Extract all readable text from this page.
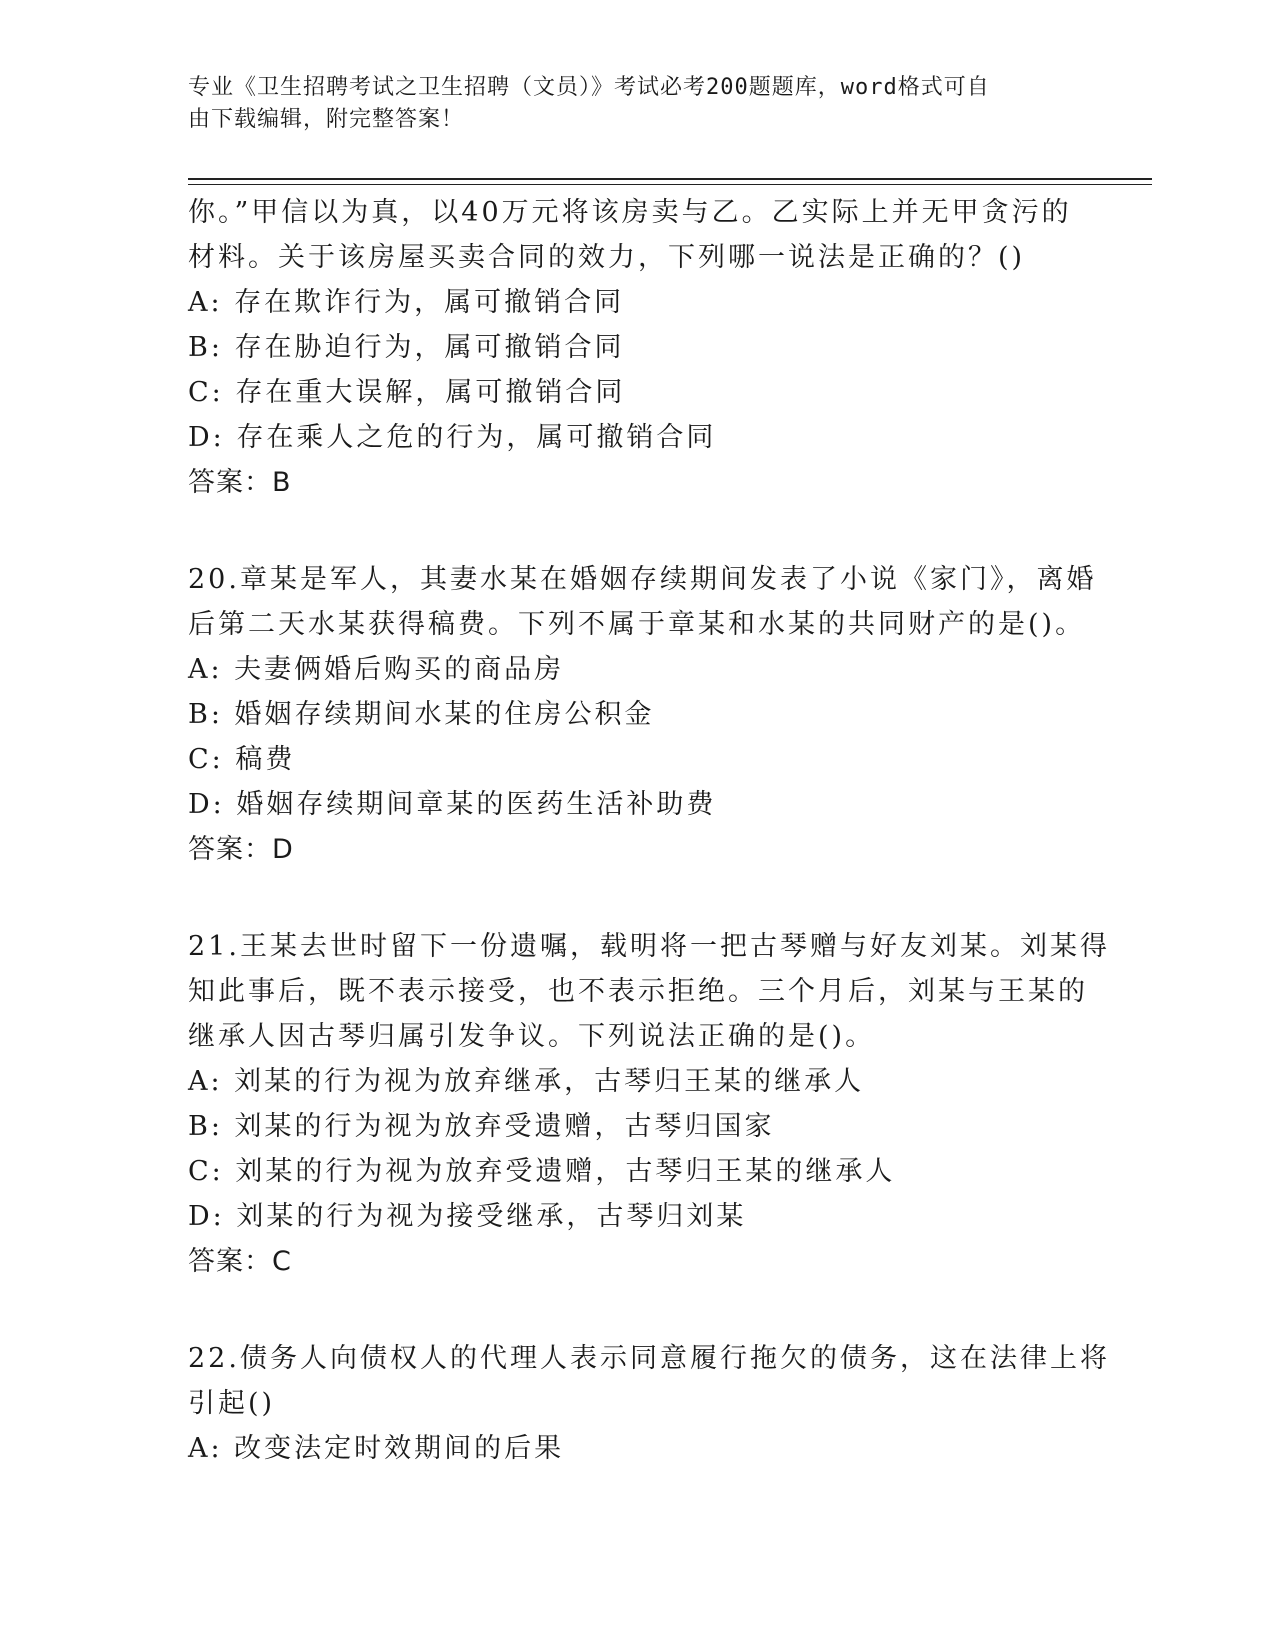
专业《卫生招聘考试之卫生招聘（文员）》考试必考200题题库，word格式可自
由下载编辑，附完整答案！
你。”甲信以为真，以40万元将该房卖与乙。乙实际上并无甲贪污的
材料。关于该房屋买卖合同的效力，下列哪一说法是正确的？()
A: 存在欺诈行为，属可撤销合同
B: 存在胁迫行为，属可撤销合同
C: 存在重大误解，属可撤销合同
D: 存在乘人之危的行为，属可撤销合同
答案：B
20.章某是军人，其妻水某在婚姻存续期间发表了小说《家门》，离婚
后第二天水某获得稿费。下列不属于章某和水某的共同财产的是()。
A: 夫妻俩婚后购买的商品房
B: 婚姻存续期间水某的住房公积金
C: 稿费
D: 婚姻存续期间章某的医药生活补助费
答案：D
21.王某去世时留下一份遗嘱，载明将一把古琴赠与好友刘某。刘某得
知此事后，既不表示接受，也不表示拒绝。三个月后，刘某与王某的
继承人因古琴归属引发争议。下列说法正确的是()。
A: 刘某的行为视为放弃继承，古琴归王某的继承人
B: 刘某的行为视为放弃受遗赠，古琴归国家
C: 刘某的行为视为放弃受遗赠，古琴归王某的继承人
D: 刘某的行为视为接受继承，古琴归刘某
答案：C
22.债务人向债权人的代理人表示同意履行拖欠的债务，这在法律上将
引起()
A: 改变法定时效期间的后果
